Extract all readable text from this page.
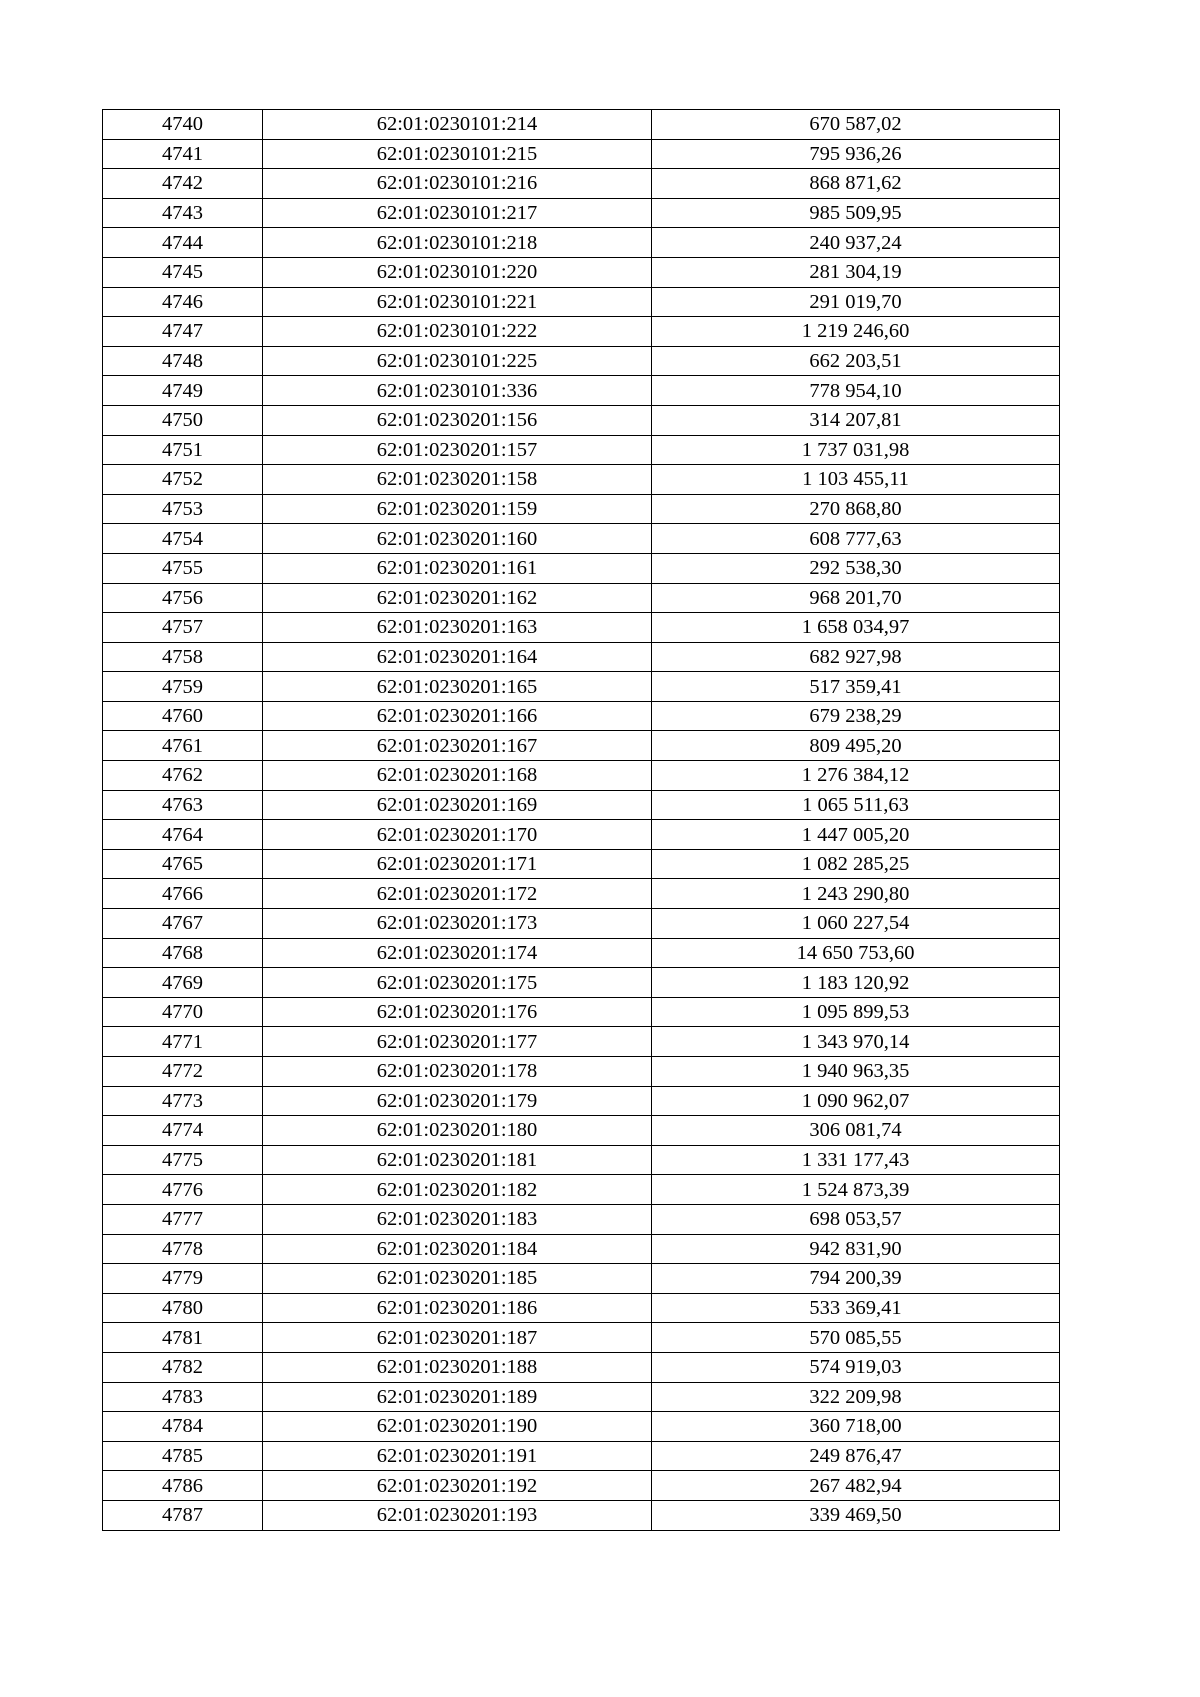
4740	62:01:0230101:214	670 587,02
4741	62:01:0230101:215	795 936,26
4742	62:01:0230101:216	868 871,62
4743	62:01:0230101:217	985 509,95
4744	62:01:0230101:218	240 937,24
4745	62:01:0230101:220	281 304,19
4746	62:01:0230101:221	291 019,70
4747	62:01:0230101:222	1 219 246,60
4748	62:01:0230101:225	662 203,51
4749	62:01:0230101:336	778 954,10
4750	62:01:0230201:156	314 207,81
4751	62:01:0230201:157	1 737 031,98
4752	62:01:0230201:158	1 103 455,11
4753	62:01:0230201:159	270 868,80
4754	62:01:0230201:160	608 777,63
4755	62:01:0230201:161	292 538,30
4756	62:01:0230201:162	968 201,70
4757	62:01:0230201:163	1 658 034,97
4758	62:01:0230201:164	682 927,98
4759	62:01:0230201:165	517 359,41
4760	62:01:0230201:166	679 238,29
4761	62:01:0230201:167	809 495,20
4762	62:01:0230201:168	1 276 384,12
4763	62:01:0230201:169	1 065 511,63
4764	62:01:0230201:170	1 447 005,20
4765	62:01:0230201:171	1 082 285,25
4766	62:01:0230201:172	1 243 290,80
4767	62:01:0230201:173	1 060 227,54
4768	62:01:0230201:174	14 650 753,60
4769	62:01:0230201:175	1 183 120,92
4770	62:01:0230201:176	1 095 899,53
4771	62:01:0230201:177	1 343 970,14
4772	62:01:0230201:178	1 940 963,35
4773	62:01:0230201:179	1 090 962,07
4774	62:01:0230201:180	306 081,74
4775	62:01:0230201:181	1 331 177,43
4776	62:01:0230201:182	1 524 873,39
4777	62:01:0230201:183	698 053,57
4778	62:01:0230201:184	942 831,90
4779	62:01:0230201:185	794 200,39
4780	62:01:0230201:186	533 369,41
4781	62:01:0230201:187	570 085,55
4782	62:01:0230201:188	574 919,03
4783	62:01:0230201:189	322 209,98
4784	62:01:0230201:190	360 718,00
4785	62:01:0230201:191	249 876,47
4786	62:01:0230201:192	267 482,94
4787	62:01:0230201:193	339 469,50
